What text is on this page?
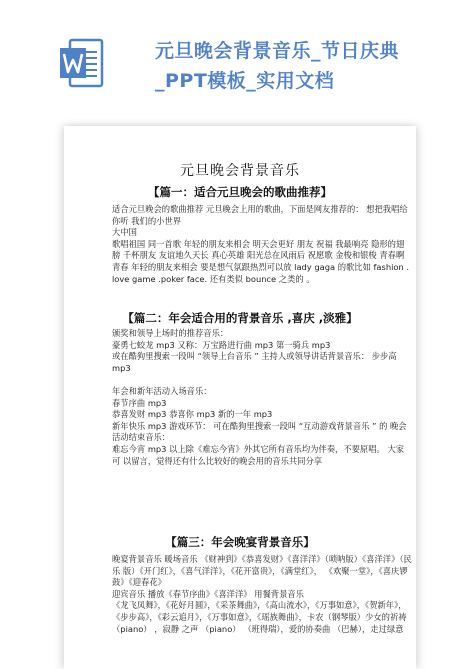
元旦晚会背景音乐_节日庆典
_PPT模板_实用文档
元旦晚会背景音乐
【篇一：适合元旦晚会的歌曲推荐】
适合元旦晚会的歌曲推荐 元旦晚会上用的歌曲，下面是网友推荐的： 想把我唱给你听 我们的小世界
大中国
歌唱祖国 同一首歌 年轻的朋友来相会 明天会更好 朋友 祝福 我最响亮 隐形的翅膀 千杯朋友 友谊地久天长 真心英雄 阳光总在风雨后 祝愿歌 金梭和银梭 青春啊青春 年轻的朋友来相会 要是想气氛跟热烈可以放 lady gaga 的歌比如 fashion . love game .poker face. 还有类似 bounce 之类的 。
【篇二：年会适合用的背景音乐 ,喜庆 ,淡雅】
颁奖和领导上场时的推荐音乐：
豪勇七蛟龙 mp3 又称：万宝路进行曲 mp3 第一骑兵 mp3
或在酷狗里搜索一段叫 “领导上台音乐 ” 主持人或领导讲话背景音乐： 步步高 mp3

年会和新年活动入场音乐：
春节序曲 mp3
恭喜发财 mp3 恭喜你 mp3 新的一年 mp3
新年快乐 mp3 游戏环节： 可在酷狗里搜索一段叫 “互动游戏背景音乐 ” 的 晚会活动结束音乐：
难忘今宵 mp3 以上除《难忘今宵》外其它所有音乐均为伴奏，不要原唱。 大家可 以留言，觉得还有什么比较好的晚会用的音乐共同分享
【篇三：年会晚宴背景音乐】
晚宴背景音乐 暖场音乐 《财神到》《恭喜发财》《喜洋洋》（唢呐版）《喜洋洋》（民 乐 版）《开门红》，《喜气洋洋》，《花开富贵》，《满堂红》， 《欢聚一堂》，《喜庆锣鼓》《迎春花》
迎宾音乐 播放《春节序曲》《喜洋洋》 用餐背景音乐
《龙飞凤舞》，《花好月圆》，《采茶舞曲》，《高山流水》，《万事如意》，《贺新年》，《步步高》，《彩云追月》，《万事如意》，《瑶族舞曲》，卡农（钢琴版）少女的祈祷 （piano） ，寂静 之声 （piano） （班得瑞），爱的协奏曲 （巴赫），走过绿意
